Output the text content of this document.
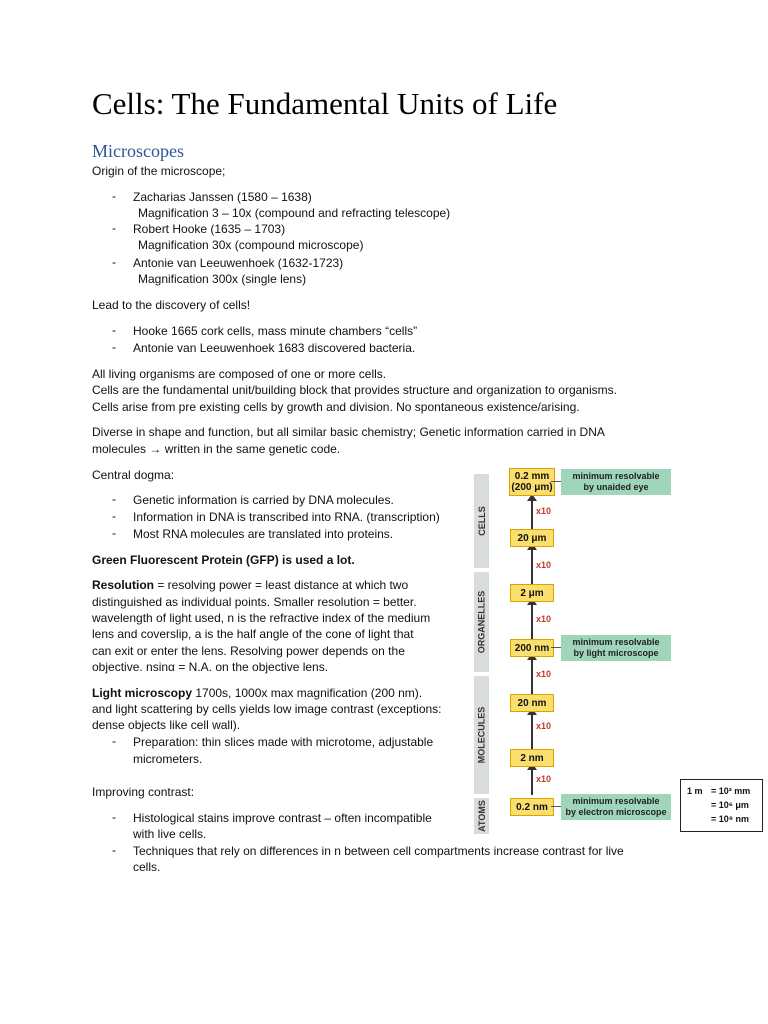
Cells: The Fundamental Units of Life
Microscopes
Origin of the microscope;
- Zacharias Janssen (1580 – 1638)
Magnification 3 – 10x (compound and refracting telescope)
- Robert Hooke (1635 – 1703)
Magnification 30x (compound microscope)
- Antonie van Leeuwenhoek (1632-1723)
Magnification 300x (single lens)
Lead to the discovery of cells!
- Hooke 1665 cork cells, mass minute chambers “cells”
- Antonie van Leeuwenhoek 1683 discovered bacteria.
All living organisms are composed of one or more cells.
Cells are the fundamental unit/building block that provides structure and organization to organisms.
Cells arise from pre existing cells by growth and division. No spontaneous existence/arising.
Diverse in shape and function, but all similar basic chemistry; Genetic information carried in DNA
molecules → written in the same genetic code.
Central dogma:
- Genetic information is carried by DNA molecules.
- Information in DNA is transcribed into RNA. (transcription)
- Most RNA molecules are translated into proteins.
Green Fluorescent Protein (GFP) is used a lot.
Resolution = resolving power = least distance at which two
distinguished as individual points. Smaller resolution = better.
wavelength of light used, n is the refractive index of the medium
lens and coverslip, a is the half angle of the cone of light that
can exit or enter the lens. Resolving power depends on the
objective. nsinα = N.A. on the objective lens.
Light microscopy 1700s, 1000x max magnification (200 nm).
and light scattering by cells yields low image contrast (exceptions:
dense objects like cell wall).
- Preparation: thin slices made with microtome, adjustable
micrometers.
Improving contrast:
- Histological stains improve contrast – often incompatible
with live cells.
- Techniques that rely on differences in n between cell compartments increase contrast for live
cells.
CELLS
ORGANELLES
MOLECULES
ATOMS
0.2 mm
(200 μm)
20 μm
2 μm
200 nm
20 nm
2 nm
0.2 nm
x10
x10
x10
x10
x10
x10
minimum resolvable
by unaided eye
minimum resolvable
by light microscope
minimum resolvable
by electron microscope
1 m = 10³ mm
= 10⁶ μm
= 10⁹ nm
